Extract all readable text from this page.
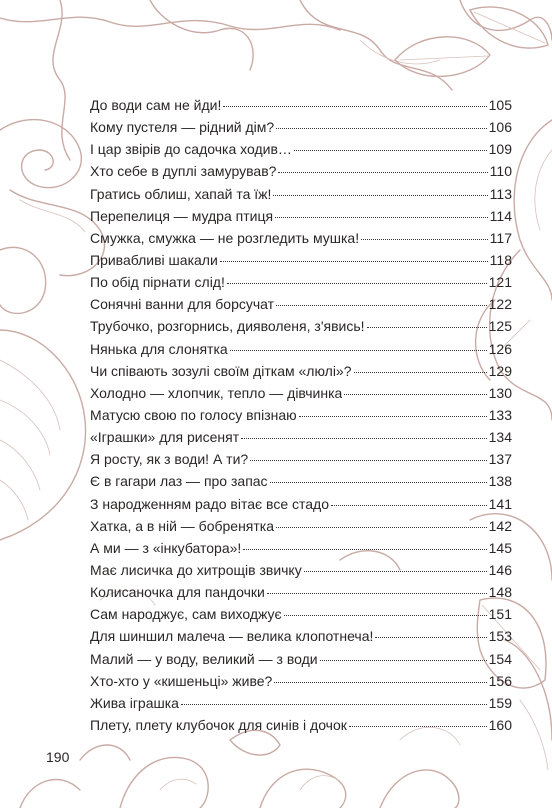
До води сам не йди!	105
Кому пустеля — рідний дім?	106
І цар звірів до садочка ходив…	109
Хто себе в дуплі замурував?	110
Гратись облиш, хапай та їж!	113
Перепелиця — мудра птиця	114
Смужка, смужка — не розгледить мушка!	117
Привабливі шакали	118
По обід пірнати слід!	121
Сонячні ванни для борсучат	122
Трубочко, розгорнись, дияволеня, з'явись!	125
Нянька для слонятка	126
Чи співають зозулі своїм діткам «люлі»?	129
Холодно — хлопчик, тепло — дівчинка	130
Матусю свою по голосу впізнаю	133
«Іграшки» для рисенят	134
Я росту, як з води! А ти?	137
Є в гагари лаз — про запас	138
З народженням радо вітає все стадо	141
Хатка, а в ній — бобренятка	142
А ми — з «інкубатора»!	145
Має лисичка до хитрощів звичку	146
Колисаночка для пандочки	148
Сам народжує, сам виходжує	151
Для шиншил малеча — велика клопотнеча!	153
Малий — у воду, великий — з води	154
Хто-хто у «кишеньці» живе?	156
Жива іграшка	159
Плету, плету клубочок для синів і дочок	160
190
